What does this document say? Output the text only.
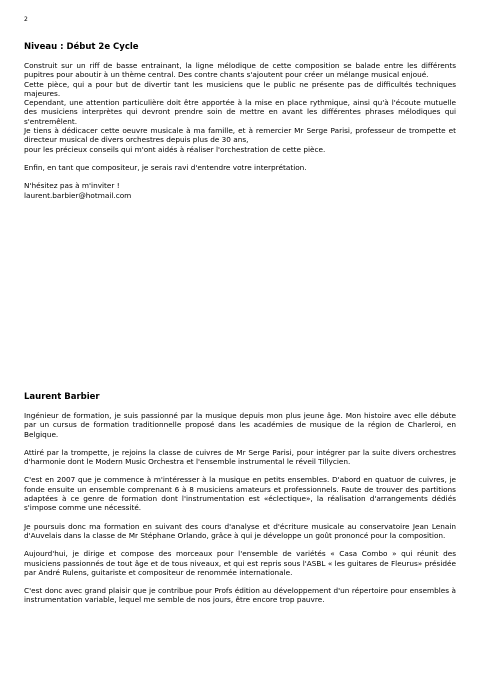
2
Niveau : Début 2e Cycle
Construit sur un riff de basse entrainant, la ligne mélodique de cette composition se balade entre les différents pupitres pour aboutir à un thème central. Des contre chants s'ajoutent pour créer un mélange musical enjoué.
Cette pièce, qui a pour but de divertir tant les musiciens que le public ne présente pas de difficultés techniques majeures.
Cependant, une attention particulière doit être apportée à la mise en place rythmique, ainsi qu'à l'écoute mutuelle des musiciens interprètes qui devront prendre soin de mettre en avant les différentes phrases mélodiques qui s'entremêlent.
Je tiens à dédicacer cette oeuvre musicale à ma famille, et à remercier Mr Serge Parisi, professeur de trompette et directeur musical de divers orchestres depuis plus de 30 ans,
pour les précieux conseils qui m'ont aidés à réaliser l'orchestration de cette pièce.
Enfin, en tant que compositeur, je serais ravi d'entendre votre interprétation.
N'hésitez pas à m'inviter !
laurent.barbier@hotmail.com
Laurent Barbier
Ingénieur de formation, je suis passionné par la musique depuis mon plus jeune âge. Mon histoire avec elle débute par un cursus de formation traditionnelle proposé dans les académies de musique de la région de Charleroi, en Belgique.
Attiré par la trompette, je rejoins la classe de cuivres de Mr Serge Parisi, pour intégrer par la suite divers orchestres d'harmonie dont le Modern Music Orchestra et l'ensemble instrumental le réveil Tillycien.
C'est en 2007 que je commence à m'intéresser à la musique en petits ensembles. D'abord en quatuor de cuivres, je fonde ensuite un ensemble comprenant 6 à 8 musiciens amateurs et professionnels. Faute de trouver des partitions adaptées à ce genre de formation dont l'instrumentation est «éclectique», la réalisation d'arrangements dédiés s'impose comme une nécessité.
Je poursuis donc ma formation en suivant des cours d'analyse et d'écriture musicale au conservatoire Jean Lenain d'Auvelais dans la classe de Mr Stéphane Orlando, grâce à qui je développe un goût prononcé pour la composition.
Aujourd'hui, je dirige et compose des morceaux pour l'ensemble de variétés « Casa Combo » qui réunit des musiciens passionnés de tout âge et de tous niveaux, et qui est repris sous l'ASBL « les guitares de Fleurus» présidée par André Rulens, guitariste et compositeur de renommée internationale.
C'est donc avec grand plaisir que je contribue pour Profs édition au développement d'un répertoire pour ensembles à instrumentation variable, lequel me semble de nos jours, être encore trop pauvre.
